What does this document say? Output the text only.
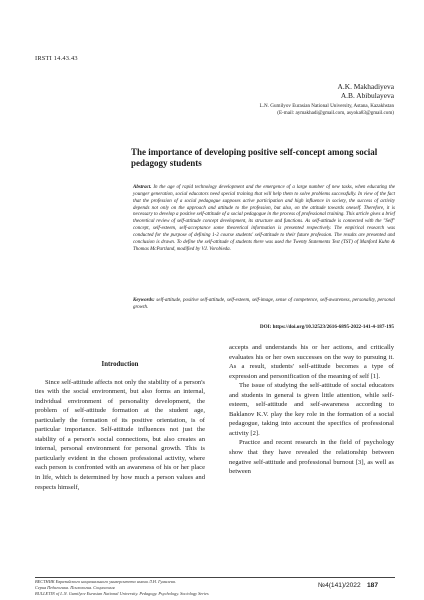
IRSTI 14.43.43
A.K. Makhadiyeva
A.B. Abibulayeva
L.N. Gumilyov Eurasian National University, Astana, Kazakhstan
(E-mail: aymakhadi@gmail.com, asyoka83@gmail.com)
The importance of developing positive self-concept among social pedagogy students
Abstract. In the age of rapid technology development and the emergence of a large number of new tasks, when educating the younger generation, social educators need special training that will help them to solve problems successfully. In view of the fact that the profession of a social pedagogue supposes active participation and high influence in society, the success of activity depends not only on the approach and attitude to the profession, but also, on the attitude towards oneself. Therefore, it is necessary to develop a positive self-attitude of a social pedagogue in the process of professional training. This article gives a brief theoretical review of self-attitude concept development, its structure and functions. As self-attitude is connected with the "Self" concept, self-esteem, self-acceptance some theoretical information is presented respectively. The empirical research was conducted for the purpose of defining 1-2 course students' self-attitude to their future profession. The results are presented and conclusion is drawn. To define the self-attitude of students there was used the Twenty Statements Test (TST) of Manford Kuhn & Thomas McPartland, modified by V.I. Vorobieda.
Keywords: self-attitude, positive self-attitude, self-esteem, self-image, sense of competence, self-awareness, personality, personal growth.
DOI: https://doi.org/10.32523/2616-6895-2022-141-4-187-195
Introduction

Since self-attitude affects not only the stability of a person's ties with the social environment, but also forms an internal, individual environment of personality development, the problem of self-attitude formation at the student age, particularly the formation of its positive orientation, is of particular importance. Self-attitude influences not just the stability of a person's social connections, but also creates an internal, personal environment for personal growth. This is particularly evident in the chosen professional activity, where each person is confronted with an awareness of his or her place in life, which is determined by how much a person values and respects himself,

accepts and understands his or her actions, and critically evaluates his or her own successes on the way to pursuing it. As a result, students' self-attitude becomes a type of expression and personification of the meaning of self [1].

The issue of studying the self-attitude of social educators and students in general is given little attention, while self-esteem, self-attitude and self-awareness according to Baklanov K.V. play the key role in the formation of a social pedagogue, taking into account the specifics of professional activity [2].

Practice and recent research in the field of psychology show that they have revealed the relationship between negative self-attitude and professional burnout [3], as well as between

ВЕСТНИК Евразийского национального университета имени Л.Н. Гумилева.
Серия Педагогика. Психология. Социология
BULLETIN of L.N. Gumilyov Eurasian National University. Pedagogy. Psychology. Sociology Series
№4(141)/2022 187
